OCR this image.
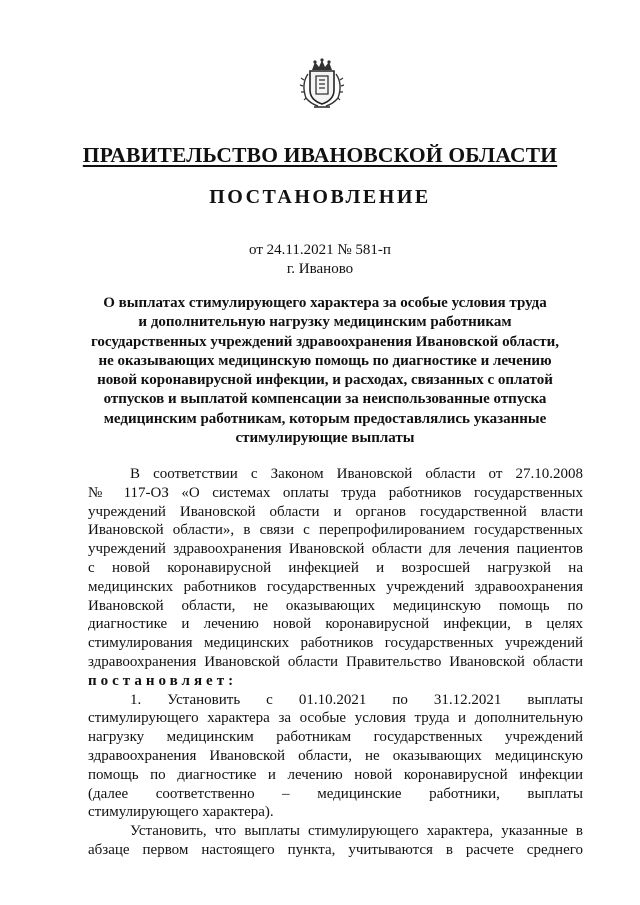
ПРАВИТЕЛЬСТВО ИВАНОВСКОЙ ОБЛАСТИ
ПОСТАНОВЛЕНИЕ
от 24.11.2021 № 581-п
г. Иваново
О выплатах стимулирующего характера за особые условия труда
и дополнительную нагрузку медицинским работникам
государственных учреждений здравоохранения Ивановской области,
не оказывающих медицинскую помощь по диагностике и лечению
новой коронавирусной инфекции, и расходах, связанных с оплатой
отпусков и выплатой компенсации за неиспользованные отпуска
медицинским работникам, которым предоставлялись указанные
стимулирующие выплаты
В соответствии с Законом Ивановской области от 27.10.2008
№ 117-ОЗ «О системах оплаты труда работников государственных
учреждений Ивановской области и органов государственной власти
Ивановской области», в связи с перепрофилированием государственных
учреждений здравоохранения Ивановской области для лечения пациентов
с новой коронавирусной инфекцией и возросшей нагрузкой на
медицинских работников государственных учреждений здравоохранения
Ивановской области, не оказывающих медицинскую помощь по
диагностике и лечению новой коронавирусной инфекции, в целях
стимулирования медицинских работников государственных учреждений
здравоохранения Ивановской области Правительство Ивановской области
постановляет:
1. Установить с 01.10.2021 по 31.12.2021 выплаты
стимулирующего характера за особые условия труда и дополнительную
нагрузку медицинским работникам государственных учреждений
здравоохранения Ивановской области, не оказывающих медицинскую
помощь по диагностике и лечению новой коронавирусной инфекции
(далее соответственно – медицинские работники, выплаты
стимулирующего характера).
Установить, что выплаты стимулирующего характера, указанные в
абзаце первом настоящего пункта, учитываются в расчете среднего
